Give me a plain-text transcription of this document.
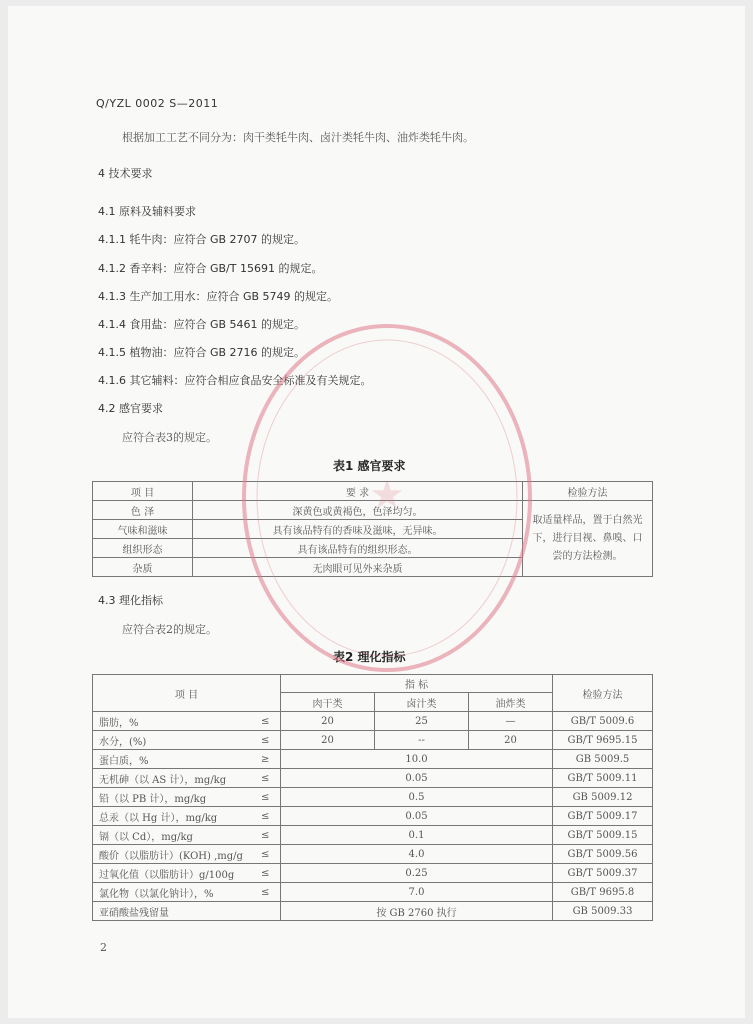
Q/YZL 0002 S—2011
根据加工工艺不同分为：肉干类牦牛肉、卤汁类牦牛肉、油炸类牦牛肉。
4 技术要求
4.1 原料及辅料要求
4.1.1 牦牛肉：应符合 GB 2707 的规定。
4.1.2 香辛料：应符合 GB/T 15691 的规定。
4.1.3 生产加工用水：应符合 GB 5749 的规定。
4.1.4 食用盐：应符合 GB 5461 的规定。
4.1.5 植物油：应符合 GB 2716 的规定。
4.1.6 其它辅料：应符合相应食品安全标准及有关规定。
4.2 感官要求
应符合表3的规定。
表1 感官要求
项 目	要 求	检验方法
色 泽	深黄色或黄褐色，色泽均匀。	取适量样品，置于白然光下，进行目视、鼻嗅、口尝的方法检测。
气味和滋味	具有该品特有的香味及滋味，无异味。	
组织形态	具有该品特有的组织形态。	
杂质	无肉眼可见外来杂质	
4.3 理化指标
应符合表2的规定。
表2 理化指标
项 目		指 标			检验方法
		肉干类	卤汁类	油炸类	
脂肪，%	≤	20	25	—	GB/T 5009.6
水分，(%)	≤	20	--	20	GB/T 9695.15
蛋白质，%	≥	10.0			GB 5009.5
无机砷（以 AS 计），mg/kg	≤	0.05			GB/T 5009.11
铅（以 PB 计），mg/kg	≤	0.5			GB 5009.12
总汞（以 Hg 计），mg/kg	≤	0.05			GB/T 5009.17
镉（以 Cd），mg/kg	≤	0.1			GB/T 5009.15
酸价（以脂肪计）(KOH) ,mg/g	≤	4.0			GB/T 5009.56
过氧化值（以脂肪计）g/100g	≤	0.25			GB/T 5009.37
氯化物（以氯化钠计），%	≤	7.0			GB/T 9695.8
亚硝酸盐残留量		按 GB 2760 执行			GB 5009.33
★
2
